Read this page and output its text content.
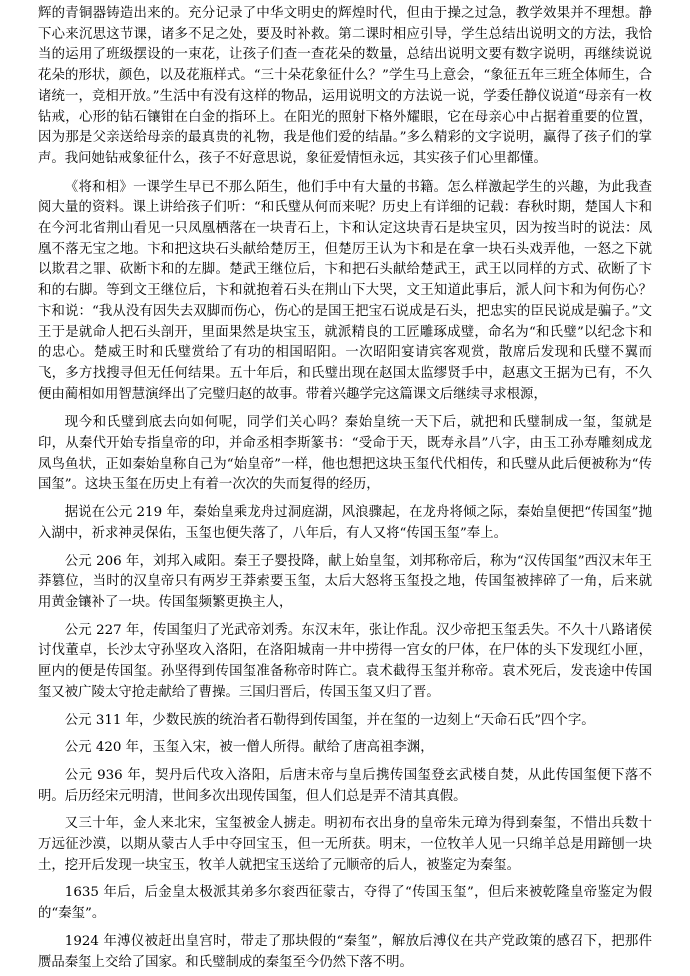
辉的青铜器铸造出来的。充分记录了中华文明史的辉煌时代，但由于操之过急，教学效果并不理想。静下心来沉思这节课，诸多不足之处，要及时补救。第二课时相应引导，学生总结出说明文的方法，我恰当的运用了班级摆设的一束花，让孩子们查一查花朵的数量，总结出说明文要有数字说明，再继续说说花朵的形状，颜色，以及花瓶样式。“三十朵花象征什么？”学生马上意会，“象征五年三班全体师生，合诸统一，竞相开放。”生活中有没有这样的物品，运用说明文的方法说一说，学委任静仪说道“母亲有一枚钻戒，心形的钻石镶钳在白金的指环上。在阳光的照射下格外耀眼，它在母亲心中占据着重要的位置，因为那是父亲送给母亲的最真贵的礼物，我是他们爱的结晶。”多么精彩的文字说明，赢得了孩子们的掌声。我问她钻戒象征什么，孩子不好意思说，象征爱情恒永远，其实孩子们心里都懂。

《将和相》一课学生早已不那么陌生，他们手中有大量的书籍。怎么样激起学生的兴趣，为此我查阅大量的资料。课上讲给孩子们听：“和氏璧从何而来呢？历史上有详细的记载：春秋时期，楚国人卞和在今河北省荆山看见一只凤凰栖落在一块青石上，卞和认定这块青石是块宝贝，因为按当时的说法：凤凰不落无宝之地。卞和把这块石头献给楚厉王，但楚厉王认为卞和是在拿一块石头戏弄他，一怒之下就以欺君之罪、砍断卞和的左脚。楚武王继位后，卞和把石头献给楚武王，武王以同样的方式、砍断了卞和的右脚。等到文王继位后，卞和就抱着石头在荆山下大哭，文王知道此事后，派人问卞和为何伤心？卞和说：“我从没有因失去双脚而伤心，伤心的是国王把宝石说成是石头，把忠实的臣民说成是骗子。”文王于是就命人把石头剖开，里面果然是块宝玉，就派精良的工匠雕琢成璧，命名为“和氏璧”以纪念卞和的忠心。楚威王时和氏璧赏给了有功的相国昭阳。一次昭阳宴请宾客观赏，散席后发现和氏璧不翼而飞，多方找搜寻但无任何结果。五十年后，和氏璧出现在赵国太监缪贤手中，赵惠文王据为已有，不久便由蔺相如用智慧演绎出了完璧归赵的故事。带着兴趣学完这篇课文后继续寻求根源，

现今和氏璧到底去向如何呢，同学们关心吗？秦始皇统一天下后，就把和氏璧制成一玺，玺就是印，从秦代开始专指皇帝的印，并命丞相李斯篆书：“受命于天，既寿永昌”八字，由玉工孙寿雕刻成龙凤鸟鱼状，正如秦始皇称自己为“始皇帝”一样，他也想把这块玉玺代代相传，和氏璧从此后便被称为“传国玺”。这块玉玺在历史上有着一次次的失而复得的经历，

据说在公元 219 年，秦始皇乘龙舟过洞庭湖，风浪骤起，在龙舟将倾之际，秦始皇便把“传国玺”抛入湖中，祈求神灵保佑，玉玺也便失落了，八年后，有人又将“传国玉玺”奉上。

公元 206 年，刘邦入咸阳。秦王子婴投降，献上始皇玺，刘邦称帝后，称为“汉传国玺”西汉末年王莽篡位，当时的汉皇帝只有两岁王莽索要玉玺，太后大怒将玉玺投之地，传国玺被摔碎了一角，后来就用黄金镶补了一块。传国玺频繁更换主人，

公元 227 年，传国玺归了光武帝刘秀。东汉末年，张让作乱。汉少帝把玉玺丢失。不久十八路诸侯讨伐董卓，长沙太守孙坚攻入洛阳，在洛阳城南一井中捞得一宫女的尸体，在尸体的头下发现红小匣，匣内的便是传国玺。孙坚得到传国玺准备称帝时阵亡。袁术截得玉玺并称帝。袁术死后，发丧途中传国玺又被广陵太守抢走献给了曹操。三国归晋后，传国玉玺又归了晋。

公元 311 年，少数民族的统治者石勒得到传国玺，并在玺的一边刻上“天命石氏”四个字。

公元 420 年，玉玺入宋，被一僧人所得。献给了唐高祖李渊，

公元 936 年，契丹后代攻入洛阳，后唐末帝与皇后携传国玺登玄武楼自焚，从此传国玺便下落不明。后历经宋元明清，世间多次出现传国玺，但人们总是弄不清其真假。

又三十年，金人来北宋，宝玺被金人掳走。明初布衣出身的皇帝朱元璋为得到秦玺，不惜出兵数十万远征沙漠，以期从蒙古人手中夺回宝玉，但一无所获。明末，一位牧羊人见一只绵羊总是用蹄刨一块土，挖开后发现一块宝玉，牧羊人就把宝玉送给了元顺帝的后人，被鉴定为秦玺。

1635 年后，后金皇太极派其弟多尔衮西征蒙古，夺得了“传国玉玺”，但后来被乾隆皇帝鉴定为假的“秦玺”。

1924 年溥仪被赶出皇宫时，带走了那块假的“秦玺”，解放后溥仪在共产党政策的感召下，把那件赝品秦玺上交给了国家。和氏璧制成的秦玺至今仍然下落不明。
